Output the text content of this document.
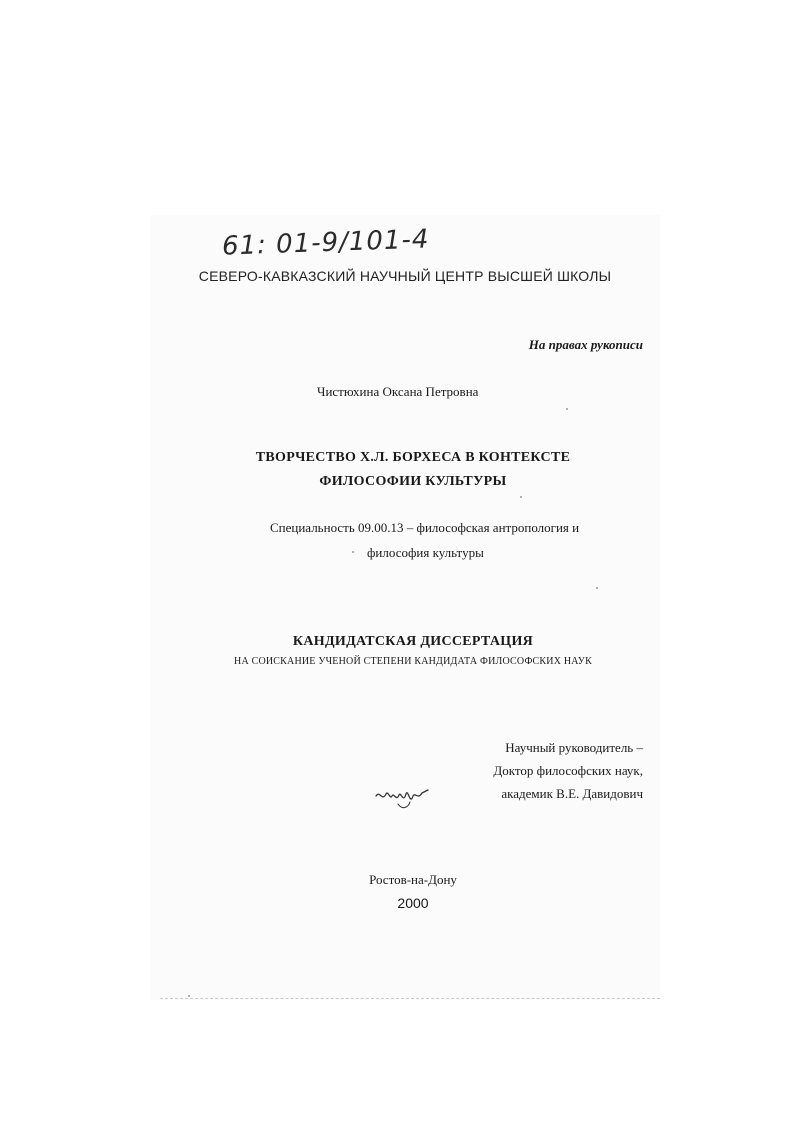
61: 01-9/101-4
СЕВЕРО-КАВКАЗСКИЙ НАУЧНЫЙ ЦЕНТР ВЫСШЕЙ ШКОЛЫ
На правах рукописи
Чистюхина Оксана Петровна
ТВОРЧЕСТВО Х.Л. БОРХЕСА В КОНТЕКСТЕ
ФИЛОСОФИИ КУЛЬТУРЫ
Специальность 09.00.13 – философская антропология и
философия культуры
КАНДИДАТСКАЯ ДИССЕРТАЦИЯ
НА СОИСКАНИЕ УЧЕНОЙ СТЕПЕНИ КАНДИДАТА ФИЛОСОФСКИХ НАУК
Научный руководитель –
Доктор философских наук,
академик В.Е. Давидович
Ростов-на-Дону
2000
